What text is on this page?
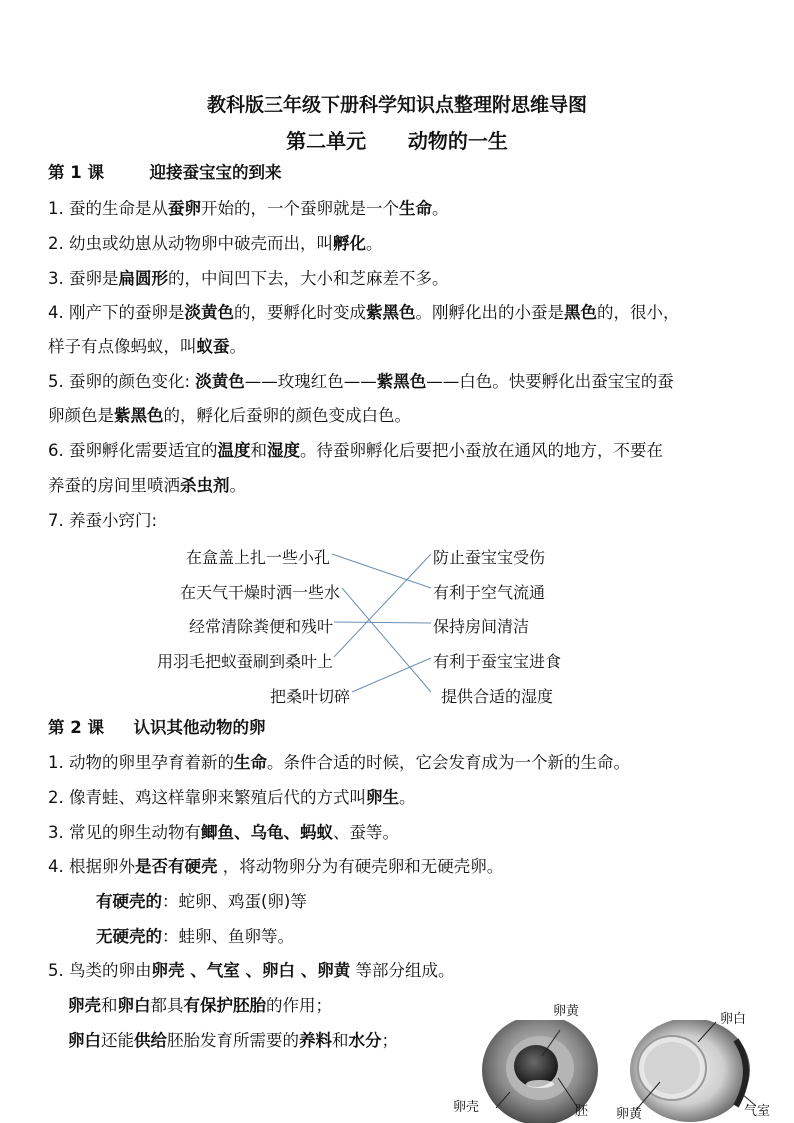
教科版三年级下册科学知识点整理附思维导图
第二单元      动物的一生
第 1 课	迎接蚕宝宝的到来
1. 蚕的生命是从蚕卵开始的，一个蚕卵就是一个生命。
2. 幼虫或幼崽从动物卵中破壳而出，叫孵化。
3. 蚕卵是扁圆形的，中间凹下去，大小和芝麻差不多。
4. 刚产下的蚕卵是淡黄色的，要孵化时变成紫黑色。刚孵化出的小蚕是黑色的，很小，
样子有点像蚂蚁，叫蚁蚕。
5. 蚕卵的颜色变化: 淡黄色——玫瑰红色——紫黑色——白色。快要孵化出蚕宝宝的蚕
卵颜色是紫黑色的，孵化后蚕卵的颜色变成白色。
6. 蚕卵孵化需要适宜的温度和湿度。待蚕卵孵化后要把小蚕放在通风的地方，不要在
养蚕的房间里喷洒杀虫剂。
7. 养蚕小窍门:
在盒盖上扎一些小孔
在天气干燥时洒一些水
经常清除粪便和残叶
用羽毛把蚁蚕刷到桑叶上
把桑叶切碎
防止蚕宝宝受伤
有利于空气流通
保持房间清洁
有利于蚕宝宝进食
提供合适的湿度
第 2 课 认识其他动物的卵
1. 动物的卵里孕育着新的生命。条件合适的时候，它会发育成为一个新的生命。
2. 像青蛙、鸡这样靠卵来繁殖后代的方式叫卵生。
3. 常见的卵生动物有鲫鱼、乌龟、蚂蚁、蚕等。
4. 根据卵外是否有硬壳 ，将动物卵分为有硬壳卵和无硬壳卵。
有硬壳的：蛇卵、鸡蛋(卵)等
无硬壳的：蛙卵、鱼卵等。
5. 鸟类的卵由卵壳 、气室 、卵白 、卵黄 等部分组成。
卵壳和卵白都具有保护胚胎的作用；
卵白还能供给胚胎发育所需要的养料和水分；
卵黄
卵壳	胚
卵白
卵黄	气室
